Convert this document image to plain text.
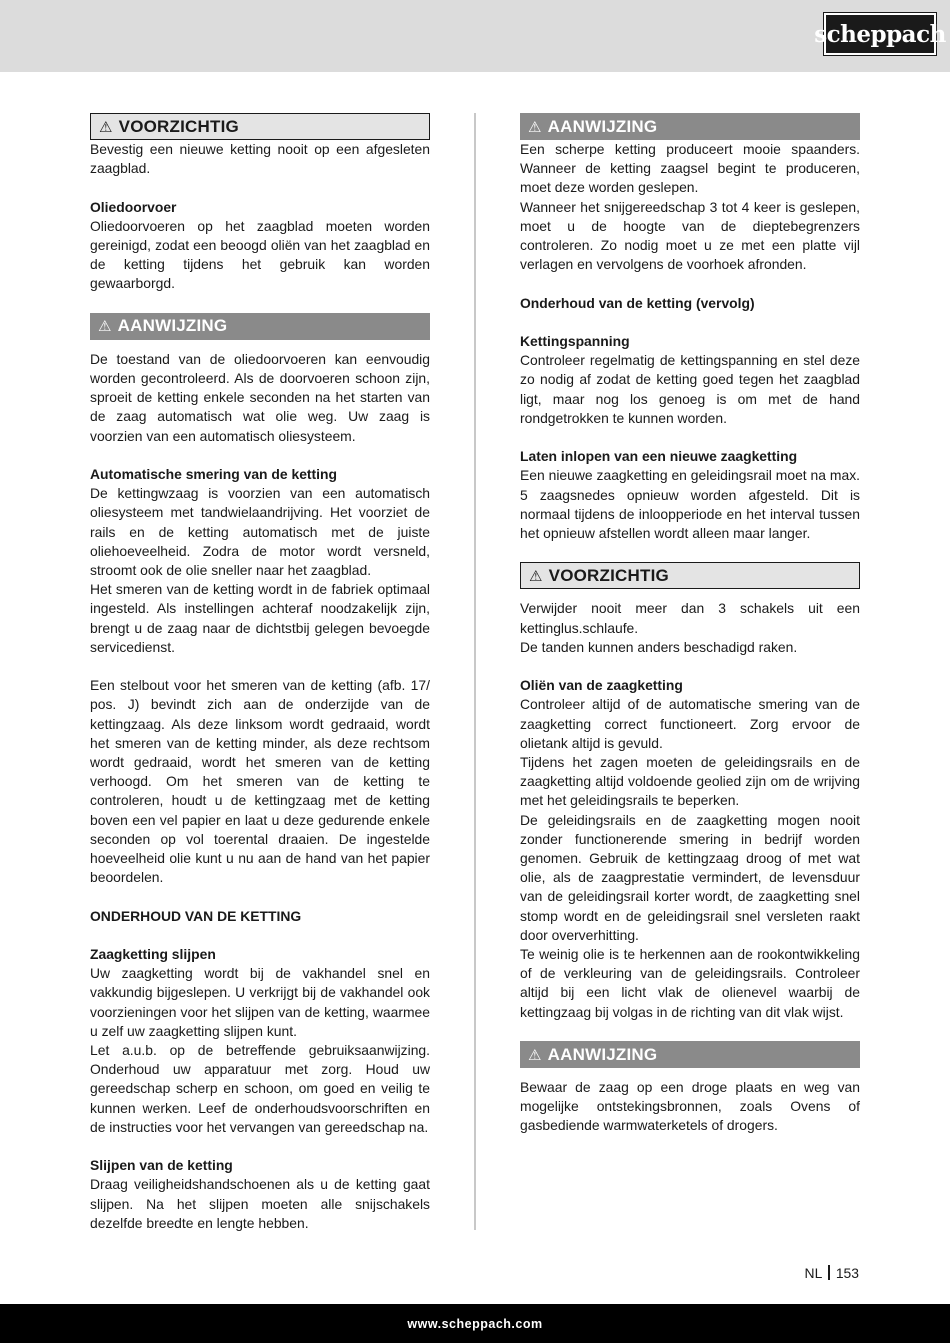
scheppach
⚠ VOORZICHTIG

Bevestig een nieuwe ketting nooit op een afgesleten zaagblad.

Oliedoorvoer

Oliedoorvoeren op het zaagblad moeten worden gereinigd, zodat een beoogd oliën van het zaagblad en de ketting tijdens het gebruik kan worden gewaarborgd.

⚠ AANWIJZING

De toestand van de oliedoorvoeren kan eenvoudig worden gecontroleerd. Als de doorvoeren schoon zijn, sproeit de ketting enkele seconden na het starten van de zaag automatisch wat olie weg. Uw zaag is voorzien van een automatisch oliesysteem.

Automatische smering van de ketting

De kettingwzaag is voorzien van een automatisch oliesysteem met tandwielaandrijving. Het voorziet de rails en de ketting automatisch met de juiste oliehoeveelheid. Zodra de motor wordt versneld, stroomt ook de olie sneller naar het zaagblad.

Het smeren van de ketting wordt in de fabriek optimaal ingesteld. Als instellingen achteraf noodzakelijk zijn, brengt u de zaag naar de dichtstbij gelegen bevoegde servicedienst.

Een stelbout voor het smeren van de ketting (afb. 17/ pos. J) bevindt zich aan de onderzijde van de kettingzaag. Als deze linksom wordt gedraaid, wordt het smeren van de ketting minder, als deze rechtsom wordt gedraaid, wordt het smeren van de ketting verhoogd. Om het smeren van de ketting te controleren, houdt u de kettingzaag met de ketting boven een vel papier en laat u deze gedurende enkele seconden op vol toerental draaien. De ingestelde hoeveelheid olie kunt u nu aan de hand van het papier beoordelen.

ONDERHOUD VAN DE KETTING

Zaagketting slijpen

Uw zaagketting wordt bij de vakhandel snel en vakkundig bijgeslepen. U verkrijgt bij de vakhandel ook voorzieningen voor het slijpen van de ketting, waarmee u zelf uw zaagketting slijpen kunt.

Let a.u.b. op de betreffende gebruiksaanwijzing. Onderhoud uw apparatuur met zorg. Houd uw gereedschap scherp en schoon, om goed en veilig te kunnen werken. Leef de onderhoudsvoorschriften en de instructies voor het vervangen van gereedschap na.

Slijpen van de ketting

Draag veiligheidshandschoenen als u de ketting gaat slijpen. Na het slijpen moeten alle snijschakels dezelfde breedte en lengte hebben.

⚠ AANWIJZING

Een scherpe ketting produceert mooie spaanders. Wanneer de ketting zaagsel begint te produceren, moet deze worden geslepen.

Wanneer het snijgereedschap 3 tot 4 keer is geslepen, moet u de hoogte van de dieptebegrenzers controleren. Zo nodig moet u ze met een platte vijl verlagen en vervolgens de voorhoek afronden.

Onderhoud van de ketting (vervolg)

Kettingspanning

Controleer regelmatig de kettingspanning en stel deze zo nodig af zodat de ketting goed tegen het zaagblad ligt, maar nog los genoeg is om met de hand rondgetrokken te kunnen worden.

Laten inlopen van een nieuwe zaagketting

Een nieuwe zaagketting en geleidingsrail moet na max. 5 zaagsnedes opnieuw worden afgesteld. Dit is normaal tijdens de inloopperiode en het interval tussen het opnieuw afstellen wordt alleen maar langer.

⚠ VOORZICHTIG

Verwijder nooit meer dan 3 schakels uit een kettinglus.schlaufe.

De tanden kunnen anders beschadigd raken.

Oliën van de zaagketting

Controleer altijd of de automatische smering van de zaagketting correct functioneert. Zorg ervoor de olietank altijd is gevuld.

Tijdens het zagen moeten de geleidingsrails en de zaagketting altijd voldoende geolied zijn om de wrijving met het geleidingsrails te beperken.

De geleidingsrails en de zaagketting mogen nooit zonder functionerende smering in bedrijf worden genomen. Gebruik de kettingzaag droog of met wat olie, als de zaagprestatie vermindert, de levensduur van de geleidingsrail korter wordt, de zaagketting snel stomp wordt en de geleidingsrail snel versleten raakt door oververhitting.

Te weinig olie is te herkennen aan de rookontwikkeling of de verkleuring van de geleidingsrails. Controleer altijd bij een licht vlak de olienevel waarbij de kettingzaag bij volgas in de richting van dit vlak wijst.

⚠ AANWIJZING

Bewaar de zaag op een droge plaats en weg van mogelijke ontstekingsbronnen, zoals Ovens of gasbediende warmwaterketels of drogers.

NL 153
www.scheppach.com
